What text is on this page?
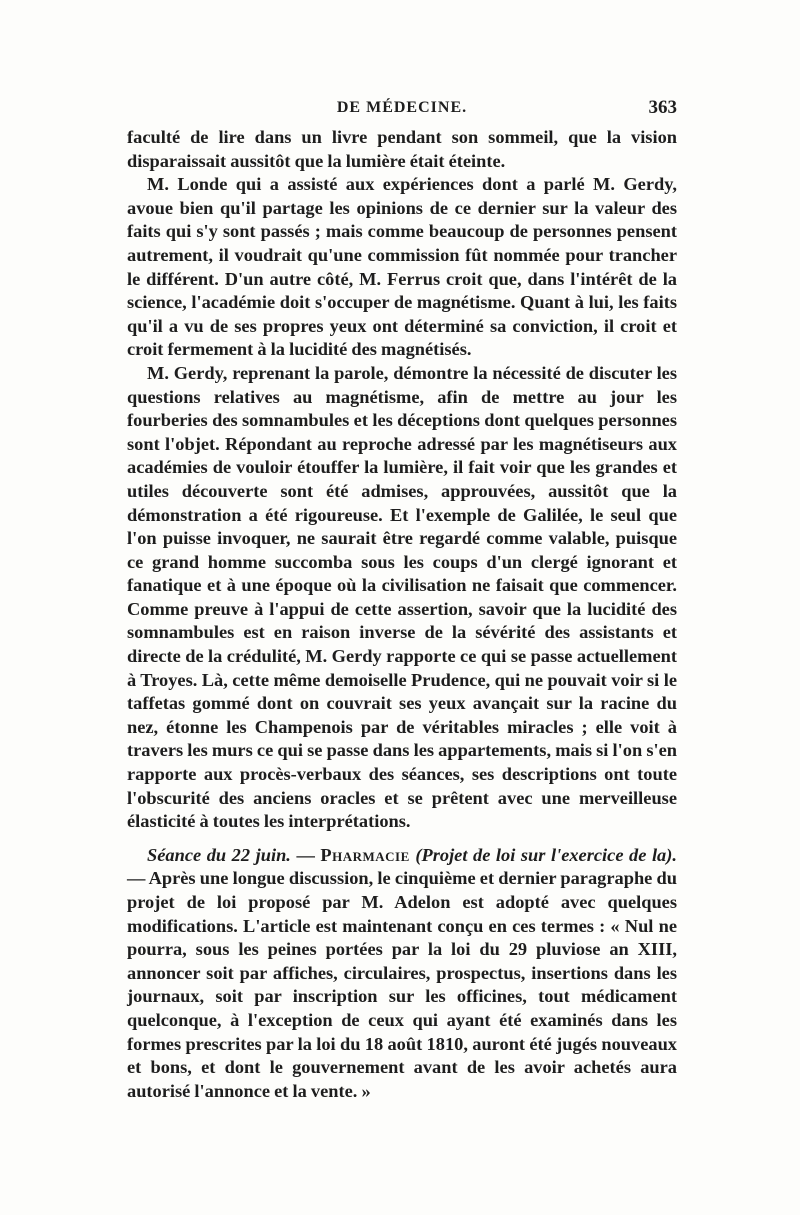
DE MÉDECINE.	363

faculté de lire dans un livre pendant son sommeil, que la vision disparaissait aussitôt que la lumière était éteinte.

M. Londe qui a assisté aux expériences dont a parlé M. Gerdy, avoue bien qu'il partage les opinions de ce dernier sur la valeur des faits qui s'y sont passés ; mais comme beaucoup de personnes pensent autrement, il voudrait qu'une commission fût nommée pour trancher le différent. D'un autre côté, M. Ferrus croit que, dans l'intérêt de la science, l'académie doit s'occuper de magnétisme. Quant à lui, les faits qu'il a vu de ses propres yeux ont déterminé sa conviction, il croit et croit fermement à la lucidité des magnétisés.

M. Gerdy, reprenant la parole, démontre la nécessité de discuter les questions relatives au magnétisme, afin de mettre au jour les fourberies des somnambules et les déceptions dont quelques personnes sont l'objet. Répondant au reproche adressé par les magnétiseurs aux académies de vouloir étouffer la lumière, il fait voir que les grandes et utiles découverte sont été admises, approuvées, aussitôt que la démonstration a été rigoureuse. Et l'exemple de Galilée, le seul que l'on puisse invoquer, ne saurait être regardé comme valable, puisque ce grand homme succomba sous les coups d'un clergé ignorant et fanatique et à une époque où la civilisation ne faisait que commencer. Comme preuve à l'appui de cette assertion, savoir que la lucidité des somnambules est en raison inverse de la sévérité des assistants et directe de la crédulité, M. Gerdy rapporte ce qui se passe actuellement à Troyes. Là, cette même demoiselle Prudence, qui ne pouvait voir si le taffetas gommé dont on couvrait ses yeux avançait sur la racine du nez, étonne les Champenois par de véritables miracles ; elle voit à travers les murs ce qui se passe dans les appartements, mais si l'on s'en rapporte aux procès-verbaux des séances, ses descriptions ont toute l'obscurité des anciens oracles et se prêtent avec une merveilleuse élasticité à toutes les interprétations.

Séance du 22 juin. — Pharmacie (Projet de loi sur l'exercice de la). — Après une longue discussion, le cinquième et dernier paragraphe du projet de loi proposé par M. Adelon est adopté avec quelques modifications. L'article est maintenant conçu en ces termes : « Nul ne pourra, sous les peines portées par la loi du 29 pluviose an XIII, annoncer soit par affiches, circulaires, prospectus, insertions dans les journaux, soit par inscription sur les officines, tout médicament quelconque, à l'exception de ceux qui ayant été examinés dans les formes prescrites par la loi du 18 août 1810, auront été jugés nouveaux et bons, et dont le gouvernement avant de les avoir achetés aura autorisé l'annonce et la vente. »
